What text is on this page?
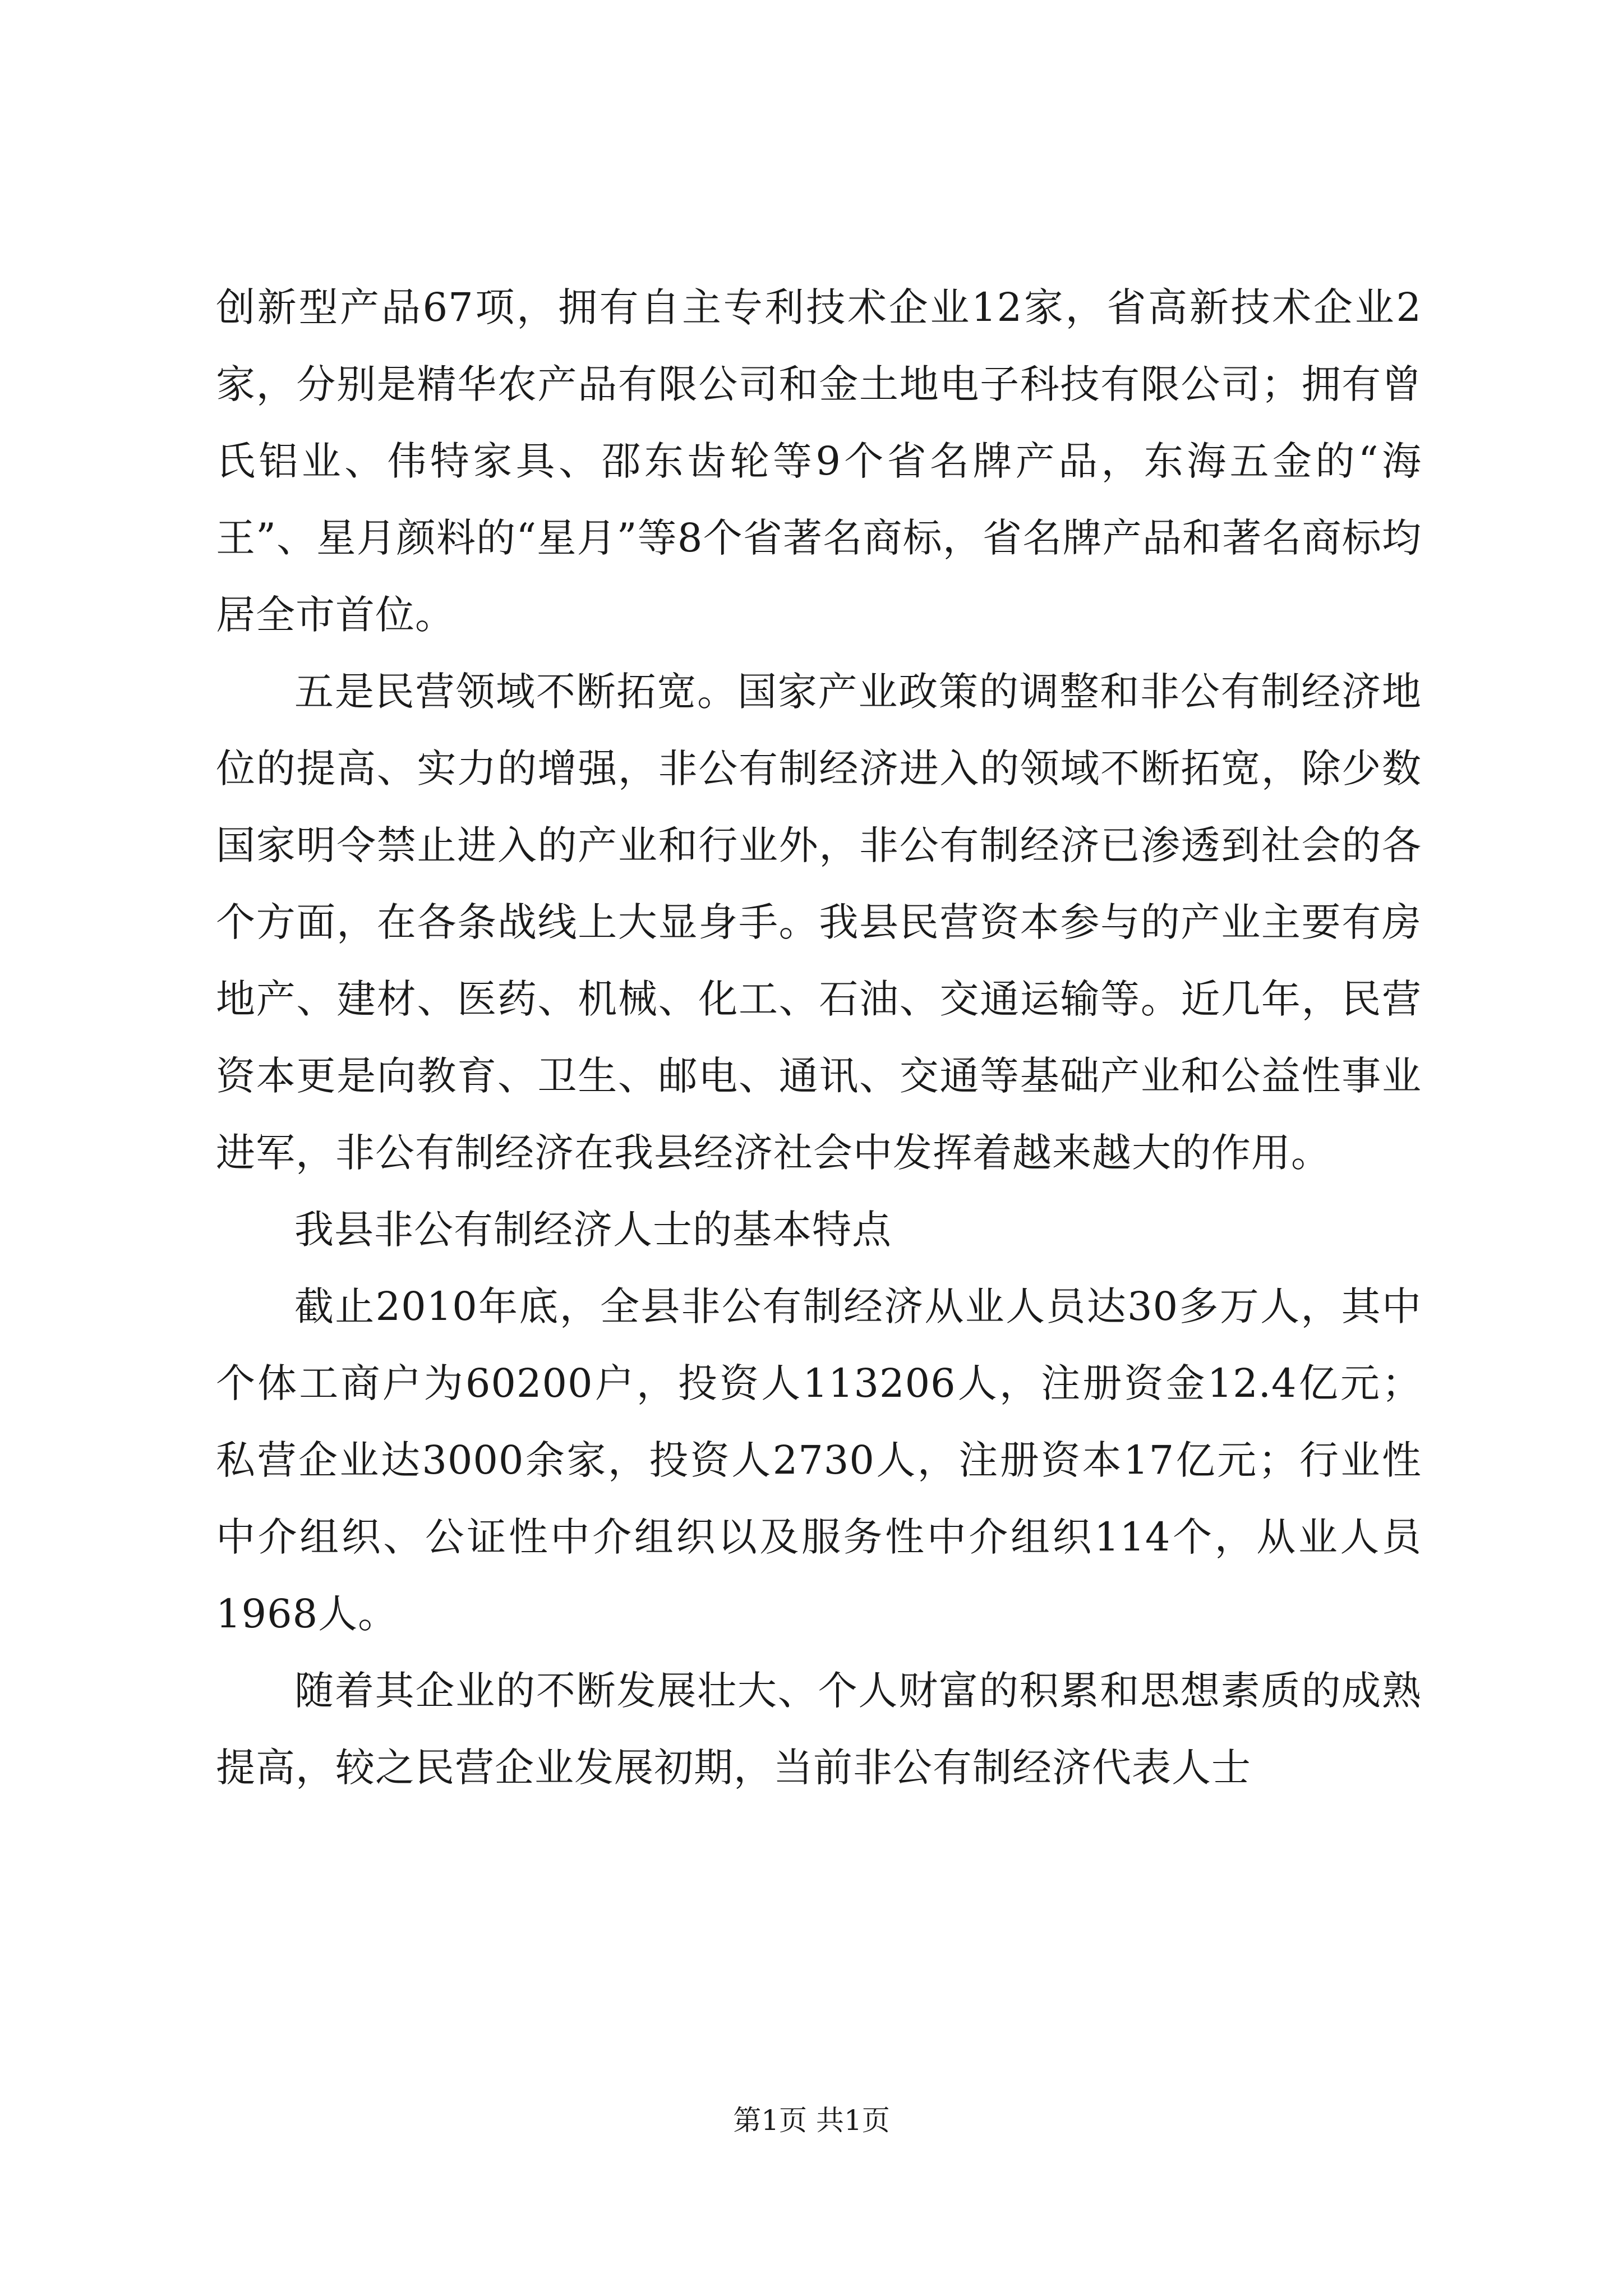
创新型产品67项，拥有自主专利技术企业12家，省高新技术企业2家，分别是精华农产品有限公司和金土地电子科技有限公司；拥有曾氏铝业、伟特家具、邵东齿轮等9个省名牌产品，东海五金的“海王”、星月颜料的“星月”等8个省著名商标，省名牌产品和著名商标均居全市首位。

五是民营领域不断拓宽。国家产业政策的调整和非公有制经济地位的提高、实力的增强，非公有制经济进入的领域不断拓宽，除少数国家明令禁止进入的产业和行业外，非公有制经济已渗透到社会的各个方面，在各条战线上大显身手。我县民营资本参与的产业主要有房地产、建材、医药、机械、化工、石油、交通运输等。近几年，民营资本更是向教育、卫生、邮电、通讯、交通等基础产业和公益性事业进军，非公有制经济在我县经济社会中发挥着越来越大的作用。

我县非公有制经济人士的基本特点

截止2010年底，全县非公有制经济从业人员达30多万人，其中个体工商户为60200户，投资人113206人，注册资金12.4亿元；私营企业达3000余家，投资人2730人，注册资本17亿元；行业性中介组织、公证性中介组织以及服务性中介组织114个，从业人员1968人。

随着其企业的不断发展壮大、个人财富的积累和思想素质的成熟提高，较之民营企业发展初期，当前非公有制经济代表人士

第1页 共1页
